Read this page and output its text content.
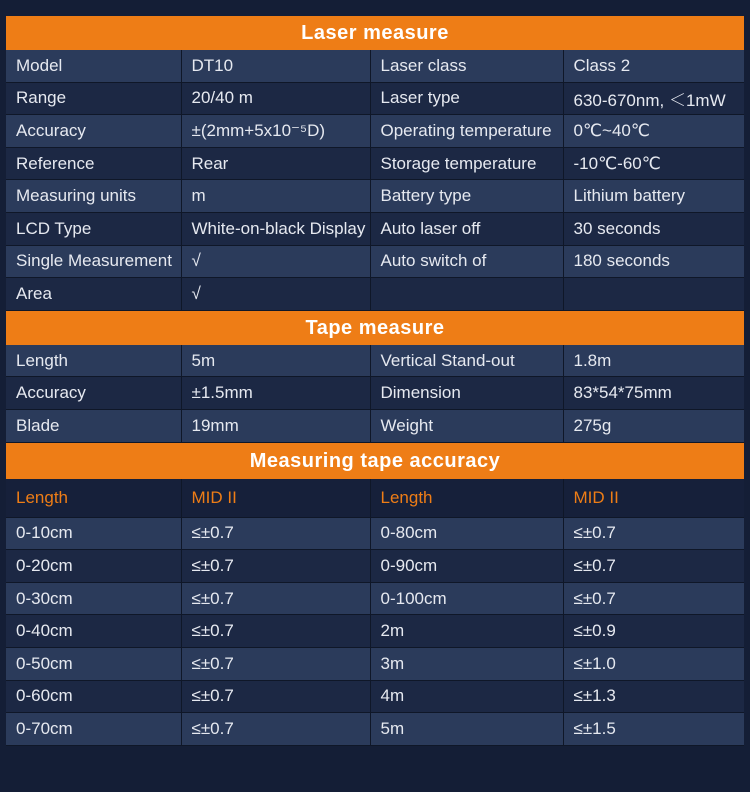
Laser measure
Model	DT10	Laser class	Class 2
Range	20/40 m	Laser type	630-670nm, ＜1mW
Accuracy	±(2mm+5x10⁻⁵D)	Operating temperature	0℃~40℃
Reference	Rear	Storage temperature	-10℃-60℃
Measuring units	m	Battery type	Lithium battery
LCD Type	White-on-black Display	Auto laser off	30 seconds
Single Measurement	√	Auto switch of	180 seconds
Area	√		
Tape measure
Length	5m	Vertical Stand-out	1.8m
Accuracy	±1.5mm	Dimension	83*54*75mm
Blade	19mm	Weight	275g
Measuring tape accuracy
Length	MID II	Length	MID II
0-10cm	≤±0.7	0-80cm	≤±0.7
0-20cm	≤±0.7	0-90cm	≤±0.7
0-30cm	≤±0.7	0-100cm	≤±0.7
0-40cm	≤±0.7	2m	≤±0.9
0-50cm	≤±0.7	3m	≤±1.0
0-60cm	≤±0.7	4m	≤±1.3
0-70cm	≤±0.7	5m	≤±1.5
